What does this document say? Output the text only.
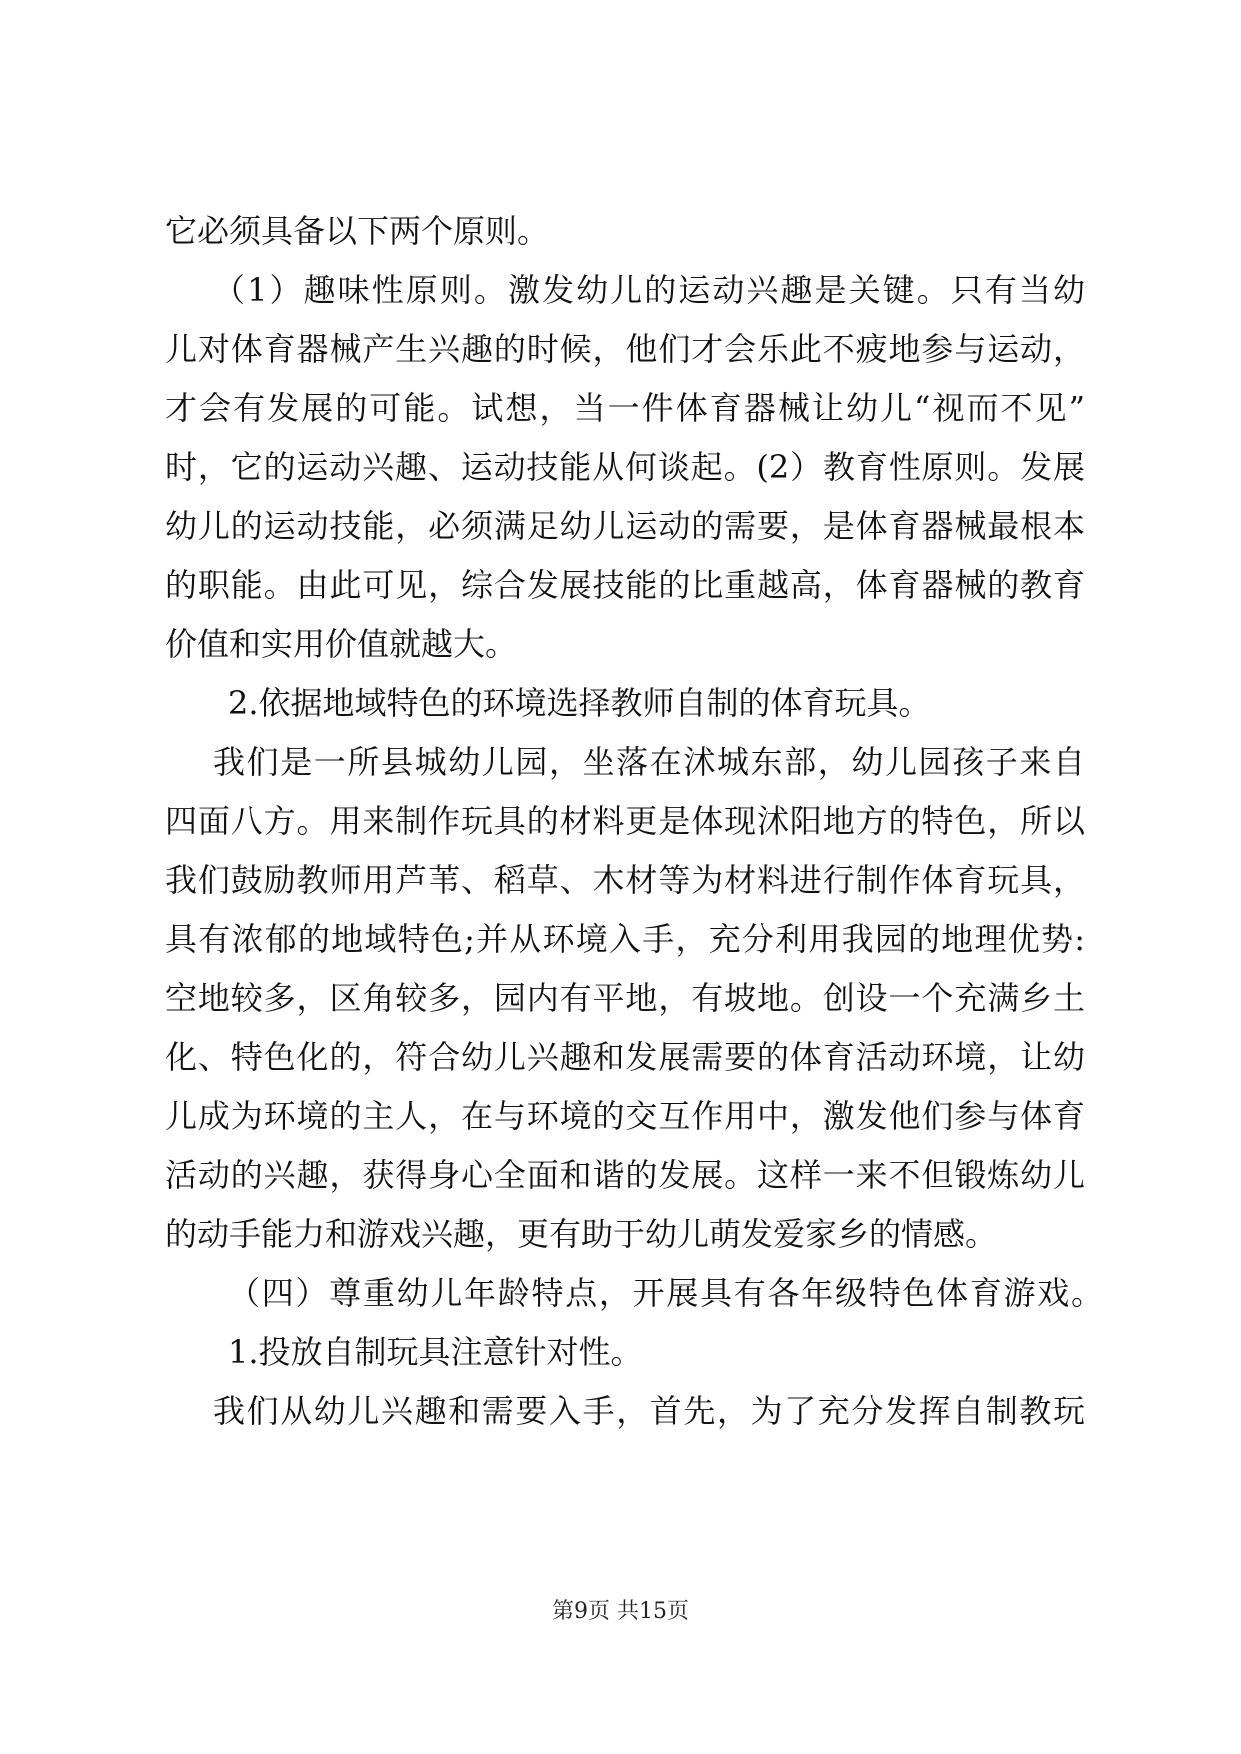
它必须具备以下两个原则。
（1）趣味性原则。激发幼儿的运动兴趣是关键。只有当幼
儿对体育器械产生兴趣的时候，他们才会乐此不疲地参与运动，
才会有发展的可能。试想，当一件体育器械让幼儿“视而不见”
时，它的运动兴趣、运动技能从何谈起。(2）教育性原则。发展
幼儿的运动技能，必须满足幼儿运动的需要，是体育器械最根本
的职能。由此可见，综合发展技能的比重越高，体育器械的教育
价值和实用价值就越大。
2.依据地域特色的环境选择教师自制的体育玩具。
我们是一所县城幼儿园，坐落在沭城东部，幼儿园孩子来自
四面八方。用来制作玩具的材料更是体现沭阳地方的特色，所以
我们鼓励教师用芦苇、稻草、木材等为材料进行制作体育玩具，
具有浓郁的地域特色;并从环境入手，充分利用我园的地理优势:
空地较多，区角较多，园内有平地，有坡地。创设一个充满乡土
化、特色化的，符合幼儿兴趣和发展需要的体育活动环境，让幼
儿成为环境的主人，在与环境的交互作用中，激发他们参与体育
活动的兴趣，获得身心全面和谐的发展。这样一来不但锻炼幼儿
的动手能力和游戏兴趣，更有助于幼儿萌发爱家乡的情感。
（四）尊重幼儿年龄特点，开展具有各年级特色体育游戏。
1.投放自制玩具注意针对性。
我们从幼儿兴趣和需要入手，首先，为了充分发挥自制教玩
第9页 共15页
